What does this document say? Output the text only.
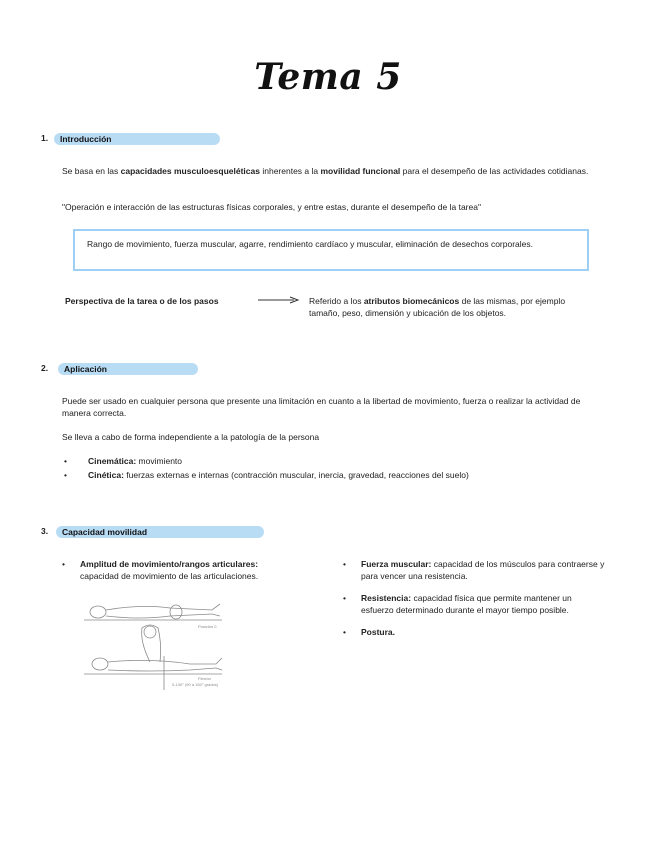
Tema 5
1.	Introducción
Se basa en las capacidades musculoesqueléticas inherentes a la movilidad funcional para el desempeño de las actividades cotidianas.
"Operación e interacción de las estructuras físicas corporales, y entre estas, durante el desempeño de la tarea"
Rango de movimiento, fuerza muscular, agarre, rendimiento cardíaco y muscular, eliminación de desechos corporales.
Perspectiva de la tarea o de los pasos	Referido a los atributos biomecánicos de las mismas, por ejemplo tamaño, peso, dimensión y ubicación de los objetos.
2.	Aplicación
Puede ser usado en cualquier persona que presente una limitación en cuanto a la libertad de movimiento, fuerza o realizar la actividad de manera correcta.
Se lleva a cabo de forma independiente a la patología de la persona
• Cinemática: movimiento
• Cinética: fuerzas externas e internas (contracción muscular, inercia, gravedad, reacciones del suelo)
3.	Capacidad movilidad
• Amplitud de movimiento/rangos articulares:
capacidad de movimiento de las articulaciones.
Posición 0
Flexión
0-130° (90 a 150° grados)
• Fuerza muscular: capacidad de los músculos para contraerse y para vencer una resistencia.
• Resistencia: capacidad física que permite mantener un esfuerzo determinado durante el mayor tiempo posible.
• Postura.
